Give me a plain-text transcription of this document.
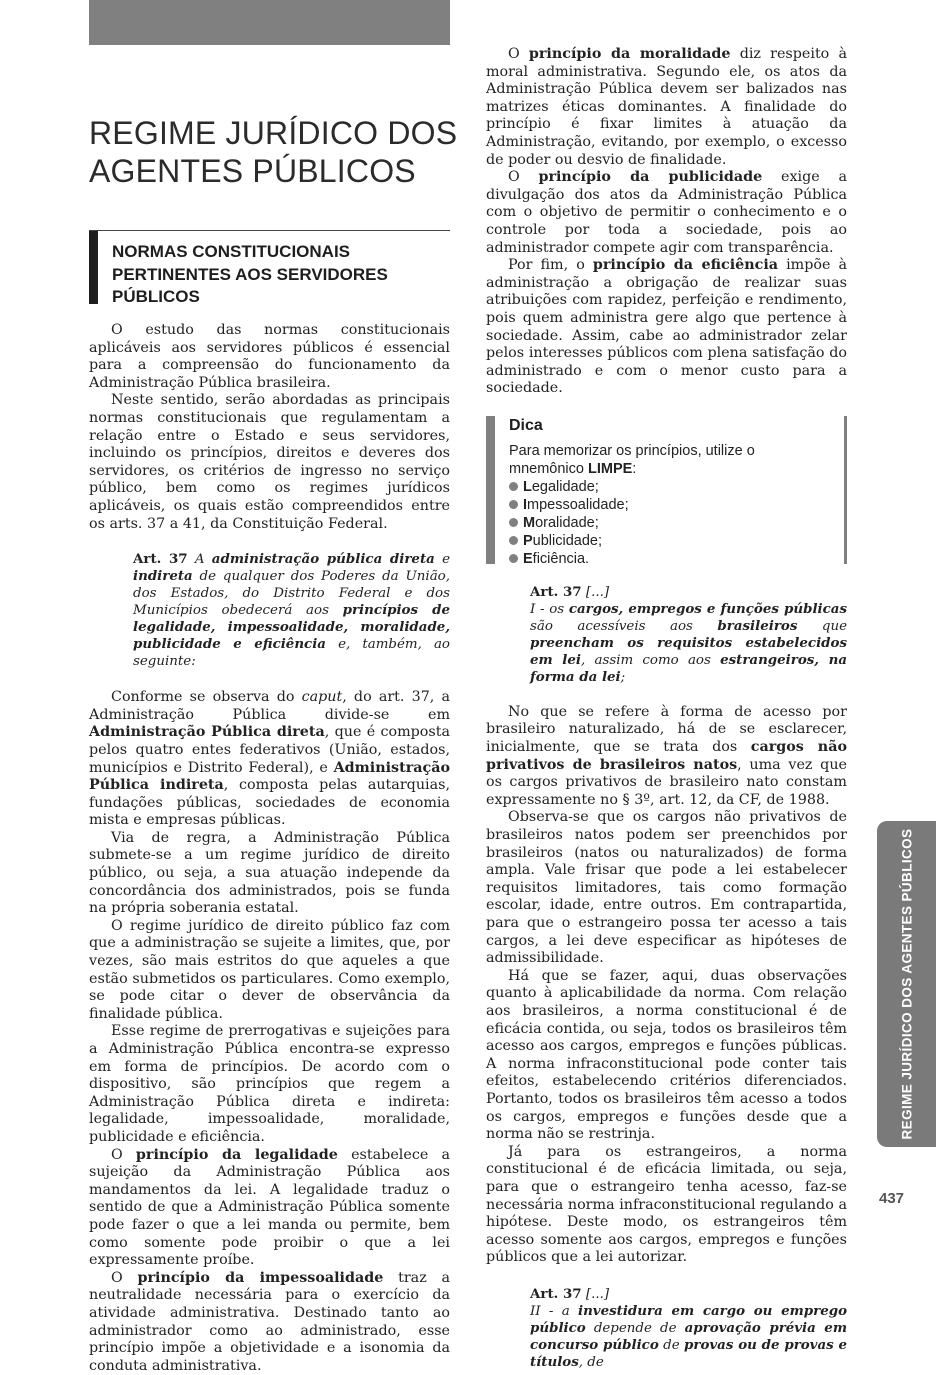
REGIME JURÍDICO DOS AGENTES PÚBLICOS
NORMAS CONSTITUCIONAIS PERTINENTES AOS SERVIDORES PÚBLICOS

O estudo das normas constitucionais aplicáveis aos servidores públicos é essencial para a compreensão do funcionamento da Administração Pública brasileira.

Neste sentido, serão abordadas as principais normas constitucionais que regulamentam a relação entre o Estado e seus servidores, incluindo os princípios, direitos e deveres dos servidores, os critérios de ingresso no serviço público, bem como os regimes jurídicos aplicáveis, os quais estão compreendidos entre os arts. 37 a 41, da Constituição Federal.

Art. 37 A administração pública direta e indireta de qualquer dos Poderes da União, dos Estados, do Distrito Federal e dos Municípios obedecerá aos princípios de legalidade, impessoalidade, moralidade, publicidade e eficiência e, também, ao seguinte:

Conforme se observa do caput, do art. 37, a Administração Pública divide-se em Administração Pública direta, que é composta pelos quatro entes federativos (União, estados, municípios e Distrito Federal), e Administração Pública indireta, composta pelas autarquias, fundações públicas, sociedades de economia mista e empresas públicas.

Via de regra, a Administração Pública submete-se a um regime jurídico de direito público, ou seja, a sua atuação independe da concordância dos administrados, pois se funda na própria soberania estatal.

O regime jurídico de direito público faz com que a administração se sujeite a limites, que, por vezes, são mais estritos do que aqueles a que estão submetidos os particulares. Como exemplo, se pode citar o dever de observância da finalidade pública.

Esse regime de prerrogativas e sujeições para a Administração Pública encontra-se expresso em forma de princípios. De acordo com o dispositivo, são princípios que regem a Administração Pública direta e indireta: legalidade, impessoalidade, moralidade, publicidade e eficiência.

O princípio da legalidade estabelece a sujeição da Administração Pública aos mandamentos da lei. A legalidade traduz o sentido de que a Administração Pública somente pode fazer o que a lei manda ou permite, bem como somente pode proibir o que a lei expressamente proíbe.

O princípio da impessoalidade traz a neutralidade necessária para o exercício da atividade administrativa. Destinado tanto ao administrador como ao administrado, esse princípio impõe a objetividade e a isonomia da conduta administrativa.

O princípio da moralidade diz respeito à moral administrativa. Segundo ele, os atos da Administração Pública devem ser balizados nas matrizes éticas dominantes. A finalidade do princípio é fixar limites à atuação da Administração, evitando, por exemplo, o excesso de poder ou desvio de finalidade.

O princípio da publicidade exige a divulgação dos atos da Administração Pública com o objetivo de permitir o conhecimento e o controle por toda a sociedade, pois ao administrador compete agir com transparência.

Por fim, o princípio da eficiência impõe à administração a obrigação de realizar suas atribuições com rapidez, perfeição e rendimento, pois quem administra gere algo que pertence à sociedade. Assim, cabe ao administrador zelar pelos interesses públicos com plena satisfação do administrado e com o menor custo para a sociedade.

Dica
Para memorizar os princípios, utilize o mnemônico LIMPE:
L egalidade;
I mpessoalidade;
M oralidade;
P ublicidade;
E ficiência.
Art. 37 [...]
I - os cargos, empregos e funções públicas são acessíveis aos brasileiros que preencham os requisitos estabelecidos em lei, assim como aos estrangeiros, na forma da lei;

No que se refere à forma de acesso por brasileiro naturalizado, há de se esclarecer, inicialmente, que se trata dos cargos não privativos de brasileiros natos, uma vez que os cargos privativos de brasileiro nato constam expressamente no § 3º, art. 12, da CF, de 1988.

Observa-se que os cargos não privativos de brasileiros natos podem ser preenchidos por brasileiros (natos ou naturalizados) de forma ampla. Vale frisar que pode a lei estabelecer requisitos limitadores, tais como formação escolar, idade, entre outros. Em contrapartida, para que o estrangeiro possa ter acesso a tais cargos, a lei deve especificar as hipóteses de admissibilidade.

Há que se fazer, aqui, duas observações quanto à aplicabilidade da norma. Com relação aos brasileiros, a norma constitucional é de eficácia contida, ou seja, todos os brasileiros têm acesso aos cargos, empregos e funções públicas. A norma infraconstitucional pode conter tais efeitos, estabelecendo critérios diferenciados. Portanto, todos os brasileiros têm acesso a todos os cargos, empregos e funções desde que a norma não se restrinja.

Já para os estrangeiros, a norma constitucional é de eficácia limitada, ou seja, para que o estrangeiro tenha acesso, faz-se necessária norma infraconstitucional regulando a hipótese. Deste modo, os estrangeiros têm acesso somente aos cargos, empregos e funções públicos que a lei autorizar.

Art. 37 [...]
II - a investidura em cargo ou emprego público depende de aprovação prévia em concurso público de provas ou de provas e títulos, de
REGIME JURÍDICO DOS AGENTES PÚBLICOS
437
